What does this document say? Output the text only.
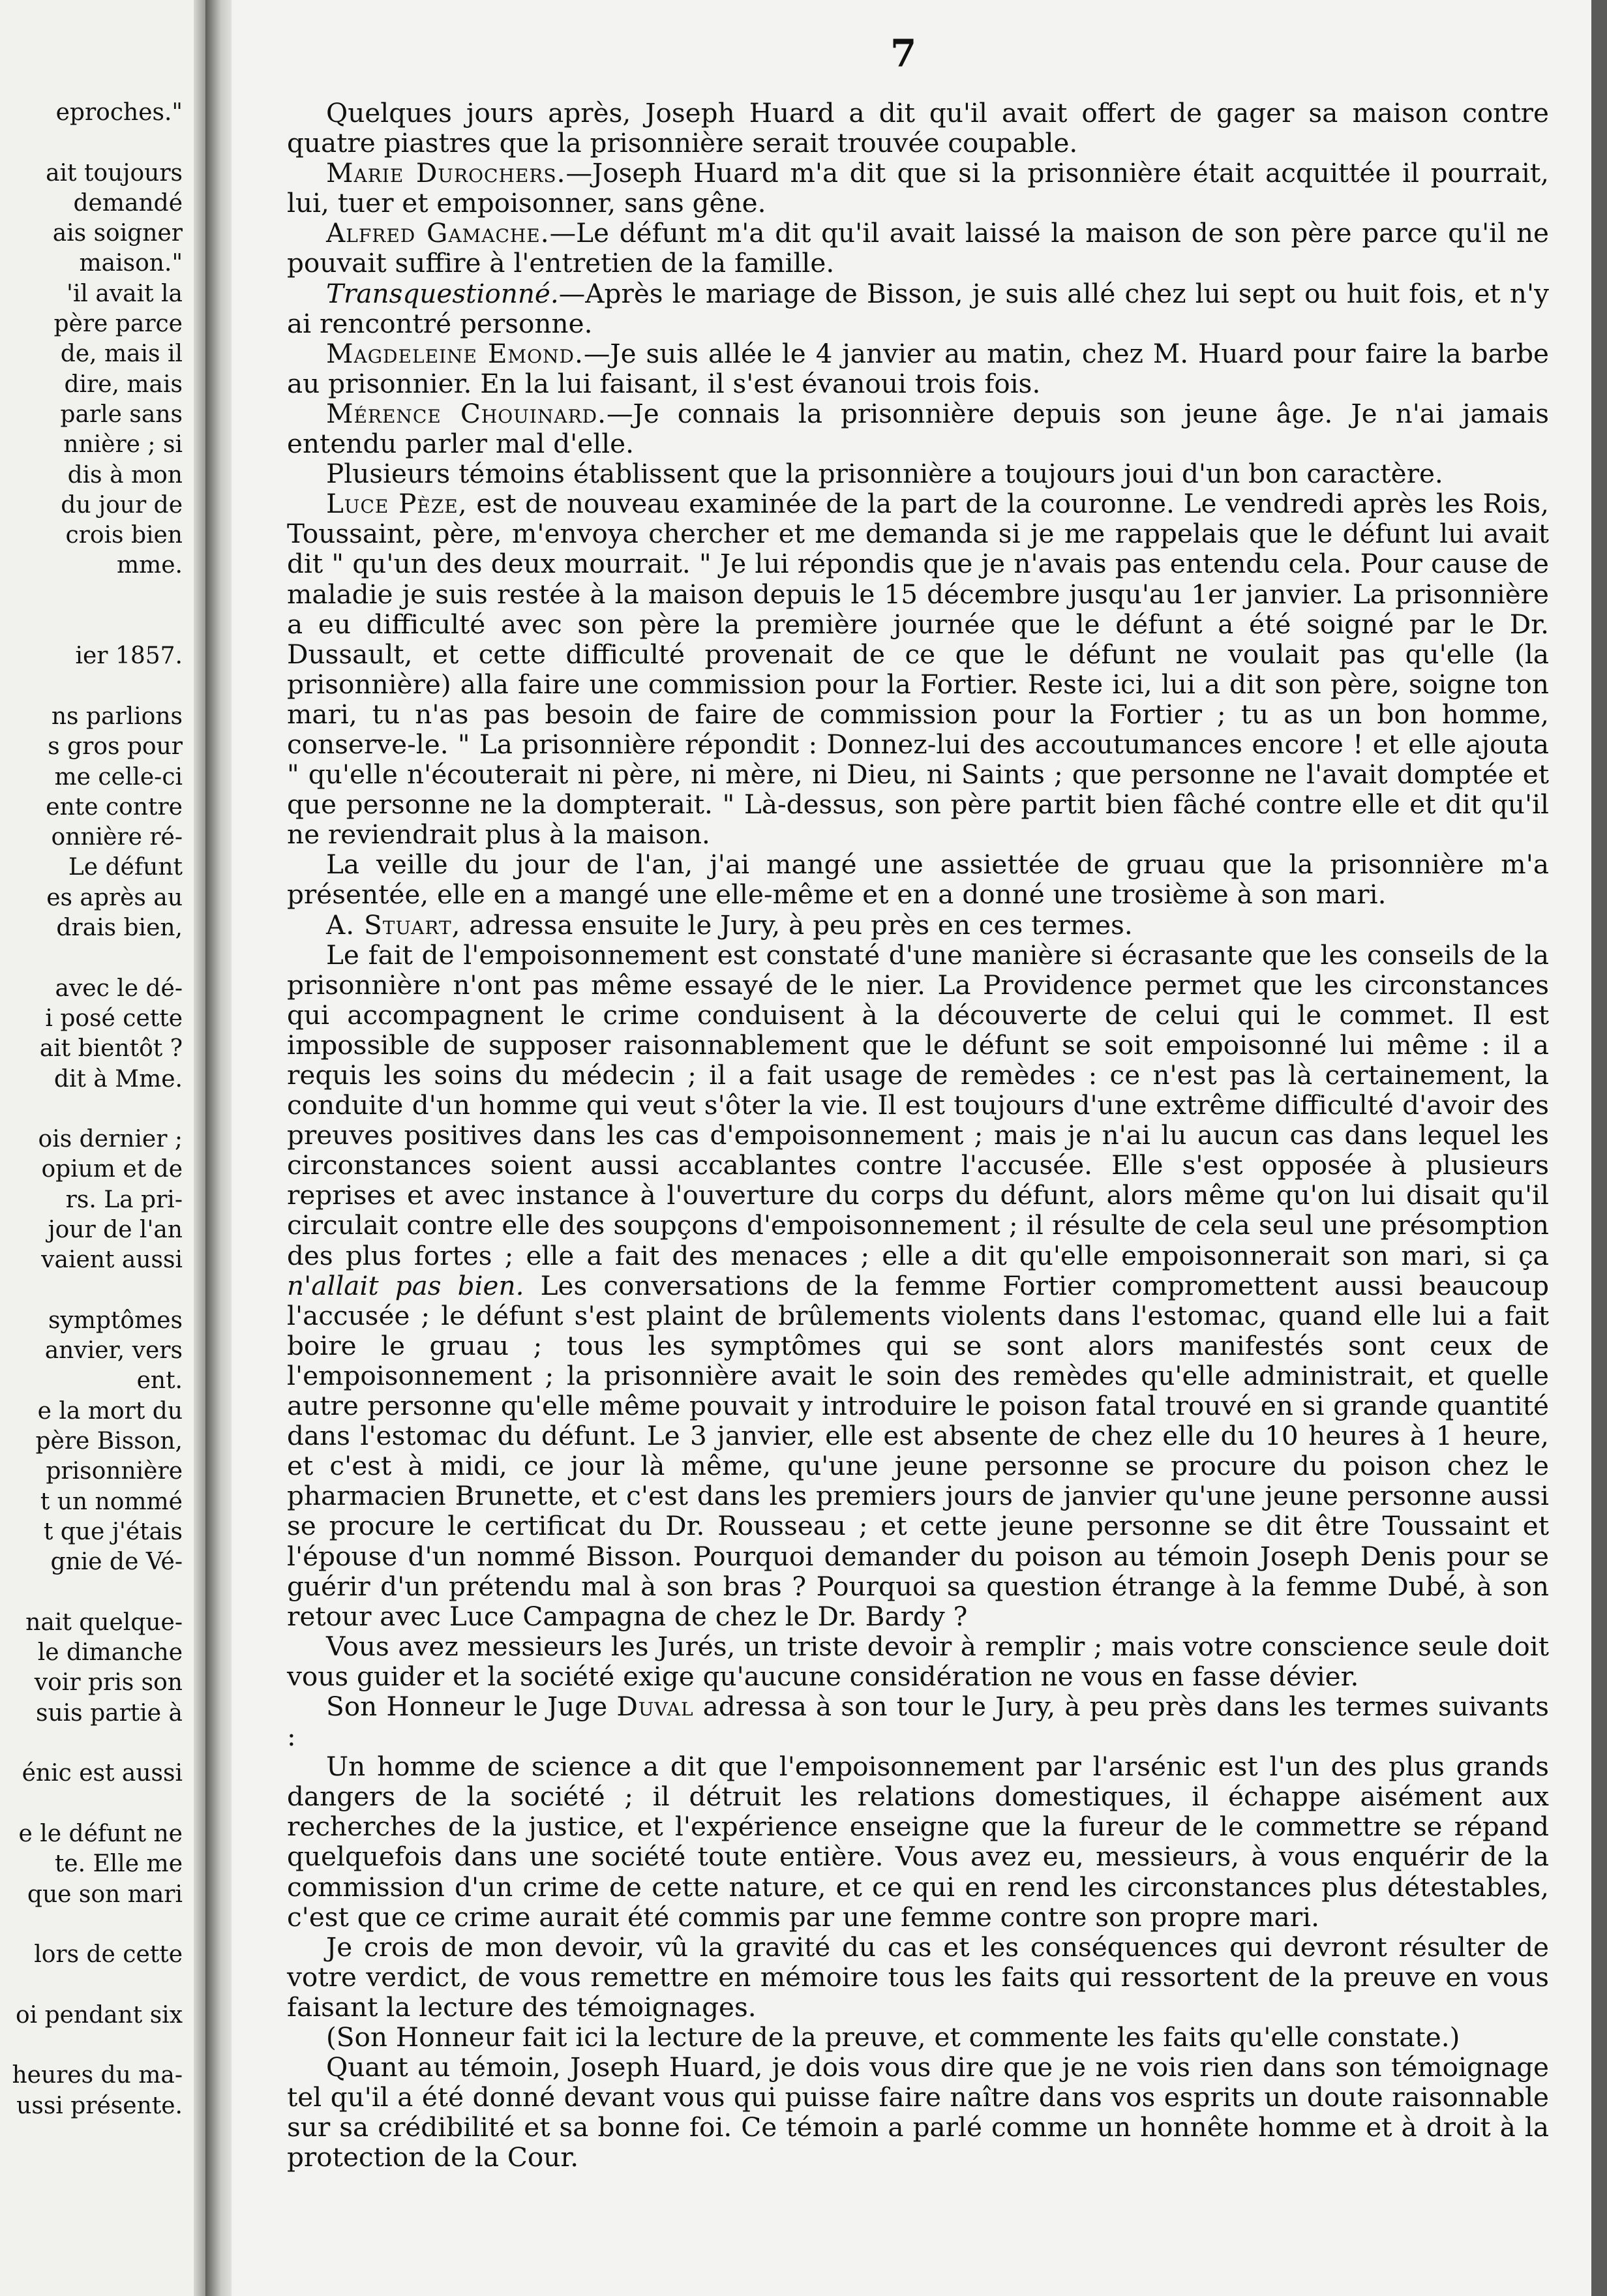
eproches."
ait toujours
demandé
ais soigner
maison."
'il avait la
père parce
de, mais il
dire, mais
parle sans
nnière ; si
dis à mon
du jour de
crois bien
mme.
ier 1857.
ns parlions
s gros pour
me celle-ci
ente contre
onnière ré-
Le défunt
es après au
drais bien,
avec le dé-
i posé cette
ait bientôt ?
dit à Mme.
ois dernier ;
opium et de
rs. La pri-
jour de l'an
vaient aussi
symptômes
anvier, vers
ent.
e la mort du
père Bisson,
prisonnière
t un nommé
t que j'étais
gnie de Vé-
nait quelque-
le dimanche
voir pris son
suis partie à
énic est aussi
e le défunt ne
te. Elle me
que son mari
lors de cette
oi pendant six
heures du ma-
ussi présente.
7

Quelques jours après, Joseph Huard a dit qu'il avait offert de gager sa maison contre quatre piastres que la prisonnière serait trouvée coupable.

Marie Durochers.—Joseph Huard m'a dit que si la prisonnière était acquittée il pourrait, lui, tuer et empoisonner, sans gêne.

Alfred Gamache.—Le défunt m'a dit qu'il avait laissé la maison de son père parce qu'il ne pouvait suffire à l'entretien de la famille.

Transquestionné.—Après le mariage de Bisson, je suis allé chez lui sept ou huit fois, et n'y ai rencontré personne.

Magdeleine Emond.—Je suis allée le 4 janvier au matin, chez M. Huard pour faire la barbe au prisonnier. En la lui faisant, il s'est évanoui trois fois.

Mérence Chouinard.—Je connais la prisonnière depuis son jeune âge. Je n'ai jamais entendu parler mal d'elle.

Plusieurs témoins établissent que la prisonnière a toujours joui d'un bon caractère.

Luce Pèze, est de nouveau examinée de la part de la couronne. Le vendredi après les Rois, Toussaint, père, m'envoya chercher et me demanda si je me rappelais que le défunt lui avait dit " qu'un des deux mourrait. " Je lui répondis que je n'avais pas entendu cela. Pour cause de maladie je suis restée à la maison depuis le 15 décembre jusqu'au 1er janvier. La prisonnière a eu difficulté avec son père la première journée que le défunt a été soigné par le Dr. Dussault, et cette difficulté provenait de ce que le défunt ne voulait pas qu'elle (la prisonnière) alla faire une commission pour la Fortier. Reste ici, lui a dit son père, soigne ton mari, tu n'as pas besoin de faire de commission pour la Fortier ; tu as un bon homme, conserve-le. " La prisonnière répondit : Donnez-lui des accoutumances encore ! et elle ajouta " qu'elle n'écouterait ni père, ni mère, ni Dieu, ni Saints ; que personne ne l'avait domptée et que personne ne la dompterait. " Là-dessus, son père partit bien fâché contre elle et dit qu'il ne reviendrait plus à la maison.

La veille du jour de l'an, j'ai mangé une assiettée de gruau que la prisonnière m'a présentée, elle en a mangé une elle-même et en a donné une trosième à son mari.

A. Stuart, adressa ensuite le Jury, à peu près en ces termes.

Le fait de l'empoisonnement est constaté d'une manière si écrasante que les conseils de la prisonnière n'ont pas même essayé de le nier. La Providence permet que les circonstances qui accompagnent le crime conduisent à la découverte de celui qui le commet. Il est impossible de supposer raisonnablement que le défunt se soit empoisonné lui même : il a requis les soins du médecin ; il a fait usage de remèdes : ce n'est pas là certainement, la conduite d'un homme qui veut s'ôter la vie. Il est toujours d'une extrême difficulté d'avoir des preuves positives dans les cas d'empoisonnement ; mais je n'ai lu aucun cas dans lequel les circonstances soient aussi accablantes contre l'accusée. Elle s'est opposée à plusieurs reprises et avec instance à l'ouverture du corps du défunt, alors même qu'on lui disait qu'il circulait contre elle des soupçons d'empoisonnement ; il résulte de cela seul une présomption des plus fortes ; elle a fait des menaces ; elle a dit qu'elle empoisonnerait son mari, si ça n'allait pas bien. Les conversations de la femme Fortier compromettent aussi beaucoup l'accusée ; le défunt s'est plaint de brûlements violents dans l'estomac, quand elle lui a fait boire le gruau ; tous les symptômes qui se sont alors manifestés sont ceux de l'empoisonnement ; la prisonnière avait le soin des remèdes qu'elle administrait, et quelle autre personne qu'elle même pouvait y introduire le poison fatal trouvé en si grande quantité dans l'estomac du défunt. Le 3 janvier, elle est absente de chez elle du 10 heures à 1 heure, et c'est à midi, ce jour là même, qu'une jeune personne se procure du poison chez le pharmacien Brunette, et c'est dans les premiers jours de janvier qu'une jeune personne aussi se procure le certificat du Dr. Rousseau ; et cette jeune personne se dit être Toussaint et l'épouse d'un nommé Bisson. Pourquoi demander du poison au témoin Joseph Denis pour se guérir d'un prétendu mal à son bras ? Pourquoi sa question étrange à la femme Dubé, à son retour avec Luce Campagna de chez le Dr. Bardy ?

Vous avez messieurs les Jurés, un triste devoir à remplir ; mais votre conscience seule doit vous guider et la société exige qu'aucune considération ne vous en fasse dévier.

Son Honneur le Juge Duval adressa à son tour le Jury, à peu près dans les termes suivants :

Un homme de science a dit que l'empoisonnement par l'arsénic est l'un des plus grands dangers de la société ; il détruit les relations domestiques, il échappe aisément aux recherches de la justice, et l'expérience enseigne que la fureur de le commettre se répand quelquefois dans une société toute entière. Vous avez eu, messieurs, à vous enquérir de la commission d'un crime de cette nature, et ce qui en rend les circonstances plus détestables, c'est que ce crime aurait été commis par une femme contre son propre mari.

Je crois de mon devoir, vû la gravité du cas et les conséquences qui devront résulter de votre verdict, de vous remettre en mémoire tous les faits qui ressortent de la preuve en vous faisant la lecture des témoignages.

(Son Honneur fait ici la lecture de la preuve, et commente les faits qu'elle constate.)

Quant au témoin, Joseph Huard, je dois vous dire que je ne vois rien dans son témoignage tel qu'il a été donné devant vous qui puisse faire naître dans vos esprits un doute raisonnable sur sa crédibilité et sa bonne foi. Ce témoin a parlé comme un honnête homme et à droit à la protection de la Cour.
